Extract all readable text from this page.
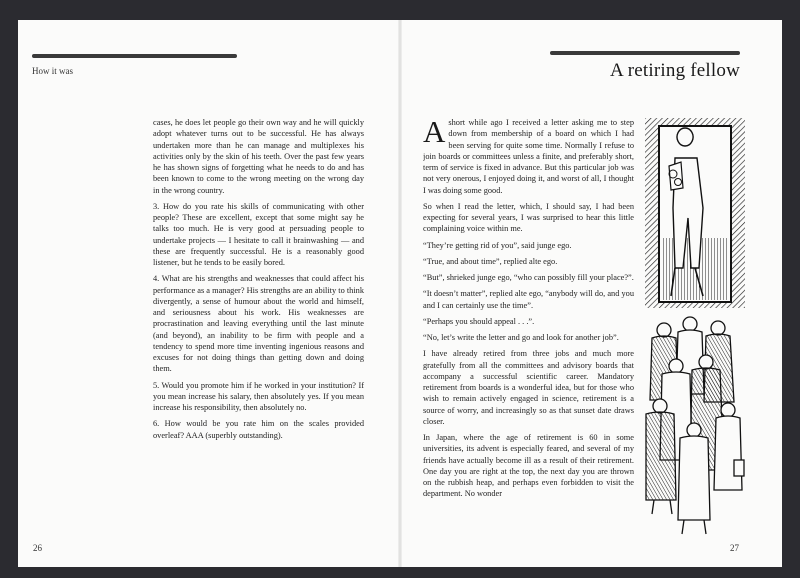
How it was	A retiring fellow

cases, he does let people go their own way and he will quickly adopt whatever turns out to be successful. He has always undertaken more than he can manage and multiplexes his activities only by the skin of his teeth. Over the past few years he has shown signs of forgetting what he needs to do and has been known to come to the wrong meeting on the wrong day in the wrong country.

3. How do you rate his skills of communicating with other people? These are excellent, except that some might say he talks too much. He is very good at persuading people to undertake projects — I hesitate to call it brainwashing — and these are frequently successful. He is a reasonably good listener, but he tends to be easily bored.

4. What are his strengths and weaknesses that could affect his performance as a manager? His strengths are an ability to think divergently, a sense of humour about the world and himself, and seriousness about his work. His weaknesses are procrastination and leaving everything until the last minute (and beyond), an inability to be firm with people and a tendency to spend more time inventing ingenious reasons and excuses for not doing things than getting down and doing them.

5. Would you promote him if he worked in your institution? If you mean increase his salary, then absolutely yes. If you mean increase his responsibility, then absolutely no.

6. How would be you rate him on the scales provided overleaf? AAA (superbly outstanding).

Ashort while ago I received a letter asking me to step down from membership of a board on which I had been serving for quite some time. Normally I refuse to join boards or committees unless a finite, and preferably short, term of service is fixed in advance. But this particular job was not very onerous, I enjoyed doing it, and worst of all, I thought I was doing some good.

So when I read the letter, which, I should say, I had been expecting for several years, I was surprised to hear this little complaining voice within me.

“They’re getting rid of you”, said junge ego.

“True, and about time”, replied alte ego.

“But”, shrieked junge ego, “who can possibly fill your place?”.

“It doesn’t matter”, replied alte ego, “anybody will do, and you and I can certainly use the time”.

“Perhaps you should appeal . . .”.

“No, let’s write the letter and go and look for another job”.

I have already retired from three jobs and much more gratefully from all the committees and advisory boards that accompany a successful scientific career. Mandatory retirement from boards is a wonderful idea, but for those who wish to remain actively engaged in science, retirement is a source of worry, and increasingly so as that sunset date draws closer.

In Japan, where the age of retirement is 60 in some universities, its advent is especially feared, and several of my friends have actually become ill as a result of their retirement. One day you are right at the top, the next day you are thrown on the rubbish heap, and perhaps even forbidden to visit the department. No wonder

26	27
